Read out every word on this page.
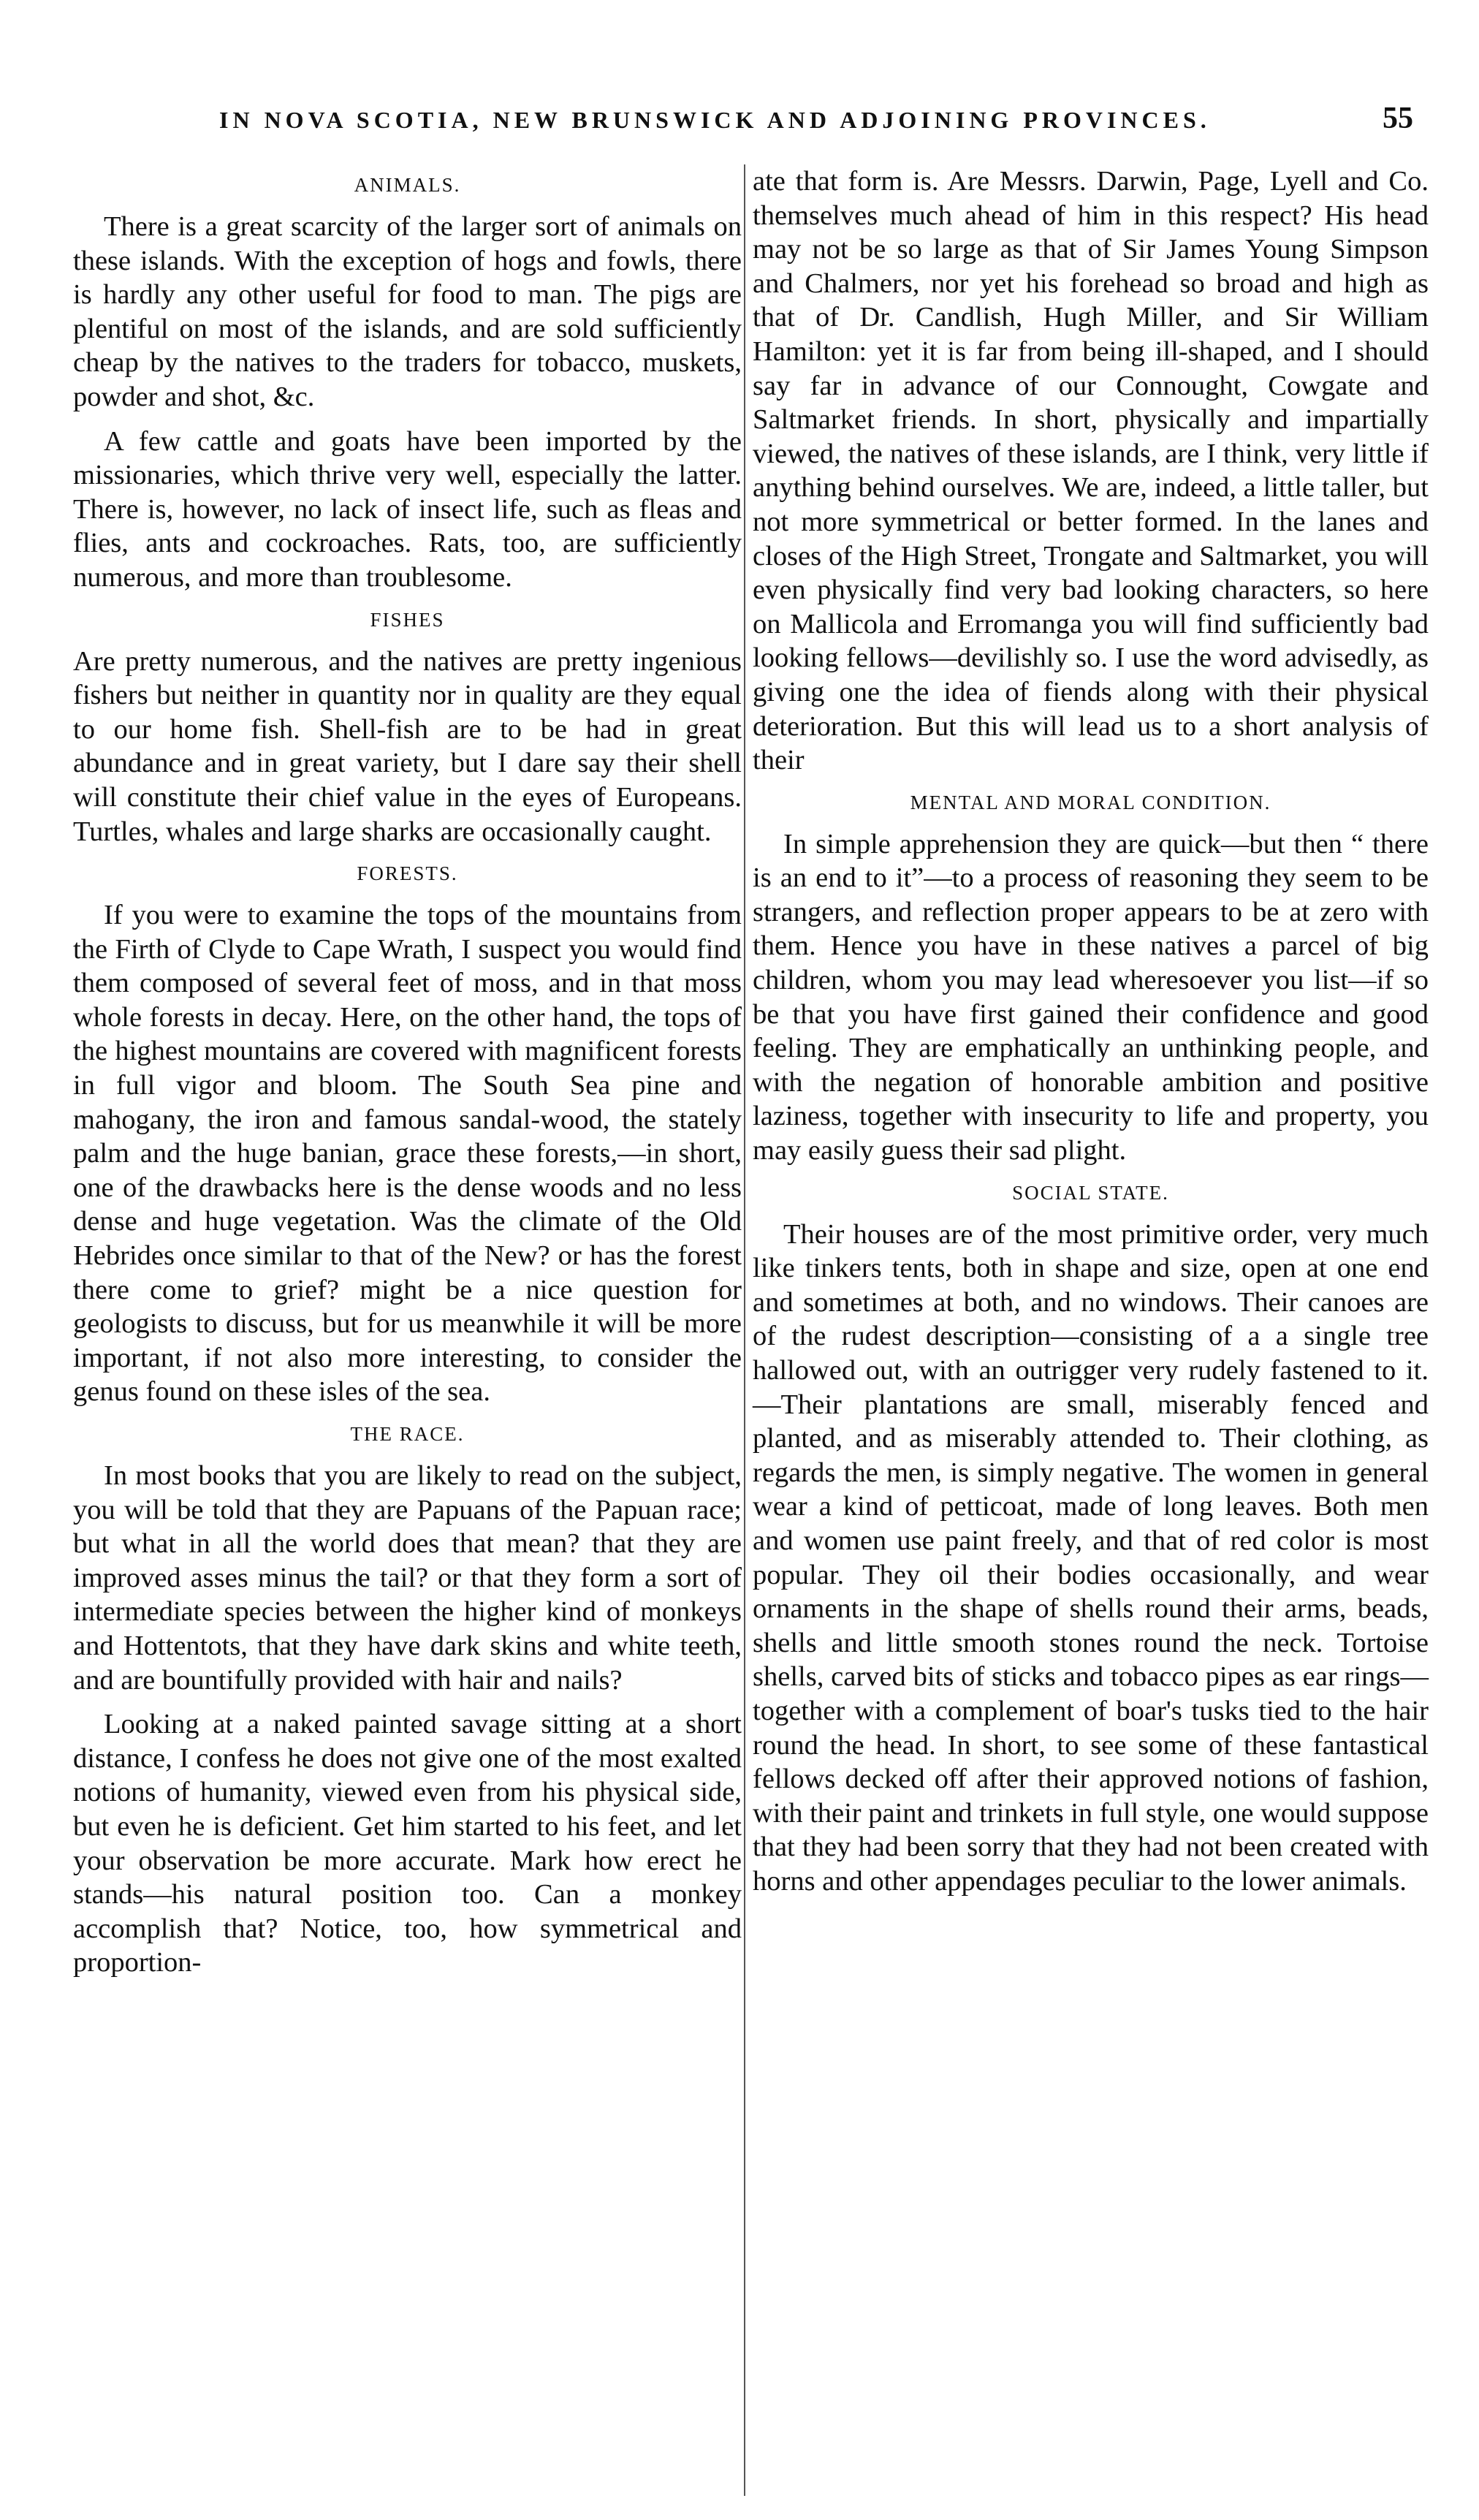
IN NOVA SCOTIA, NEW BRUNSWICK AND ADJOINING PROVINCES.	55
ANIMALS.

There is a great scarcity of the larger sort of animals on these islands. With the exception of hogs and fowls, there is hardly any other useful for food to man. The pigs are plentiful on most of the islands, and are sold sufficiently cheap by the natives to the traders for tobacco, muskets, powder and shot, &c.

A few cattle and goats have been imported by the missionaries, which thrive very well, especially the latter. There is, however, no lack of insect life, such as fleas and flies, ants and cockroaches. Rats, too, are sufficiently numerous, and more than troublesome.

FISHES

Are pretty numerous, and the natives are pretty ingenious fishers but neither in quantity nor in quality are they equal to our home fish. Shell-fish are to be had in great abundance and in great variety, but I dare say their shell will constitute their chief value in the eyes of Europeans. Turtles, whales and large sharks are occasionally caught.

FORESTS.

If you were to examine the tops of the mountains from the Firth of Clyde to Cape Wrath, I suspect you would find them composed of several feet of moss, and in that moss whole forests in decay. Here, on the other hand, the tops of the highest mountains are covered with magnificent forests in full vigor and bloom. The South Sea pine and mahogany, the iron and famous sandal-wood, the stately palm and the huge banian, grace these forests,—in short, one of the drawbacks here is the dense woods and no less dense and huge vegetation. Was the climate of the Old Hebrides once similar to that of the New? or has the forest there come to grief? might be a nice question for geologists to discuss, but for us meanwhile it will be more important, if not also more interesting, to consider the genus found on these isles of the sea.

THE RACE.

In most books that you are likely to read on the subject, you will be told that they are Papuans of the Papuan race; but what in all the world does that mean? that they are improved asses minus the tail? or that they form a sort of intermediate species between the higher kind of monkeys and Hottentots, that they have dark skins and white teeth, and are bountifully provided with hair and nails?

Looking at a naked painted savage sitting at a short distance, I confess he does not give one of the most exalted notions of humanity, viewed even from his physical side, but even he is deficient. Get him started to his feet, and let your observation be more accurate. Mark how erect he stands—his natural position too. Can a monkey accomplish that? Notice, too, how symmetrical and proportion-

ate that form is. Are Messrs. Darwin, Page, Lyell and Co. themselves much ahead of him in this respect? His head may not be so large as that of Sir James Young Simpson and Chalmers, nor yet his forehead so broad and high as that of Dr. Candlish, Hugh Miller, and Sir William Hamilton: yet it is far from being ill-shaped, and I should say far in advance of our Connought, Cowgate and Saltmarket friends. In short, physically and impartially viewed, the natives of these islands, are I think, very little if anything behind ourselves. We are, indeed, a little taller, but not more symmetrical or better formed. In the lanes and closes of the High Street, Trongate and Saltmarket, you will even physically find very bad looking characters, so here on Mallicola and Erromanga you will find sufficiently bad looking fellows—devilishly so. I use the word advisedly, as giving one the idea of fiends along with their physical deterioration. But this will lead us to a short analysis of their

MENTAL AND MORAL CONDITION.

In simple apprehension they are quick—but then “ there is an end to it”—to a process of reasoning they seem to be strangers, and reflection proper appears to be at zero with them. Hence you have in these natives a parcel of big children, whom you may lead wheresoever you list—if so be that you have first gained their confidence and good feeling. They are emphatically an unthinking people, and with the negation of honorable ambition and positive laziness, together with insecurity to life and property, you may easily guess their sad plight.

SOCIAL STATE.

Their houses are of the most primitive order, very much like tinkers tents, both in shape and size, open at one end and sometimes at both, and no windows. Their canoes are of the rudest description—consisting of a a single tree hallowed out, with an outrigger very rudely fastened to it.—Their plantations are small, miserably fenced and planted, and as miserably attended to. Their clothing, as regards the men, is simply negative. The women in general wear a kind of petticoat, made of long leaves. Both men and women use paint freely, and that of red color is most popular. They oil their bodies occasionally, and wear ornaments in the shape of shells round their arms, beads, shells and little smooth stones round the neck. Tortoise shells, carved bits of sticks and tobacco pipes as ear rings—together with a complement of boar's tusks tied to the hair round the head. In short, to see some of these fantastical fellows decked off after their approved notions of fashion, with their paint and trinkets in full style, one would suppose that they had been sorry that they had not been created with horns and other appendages peculiar to the lower animals.
